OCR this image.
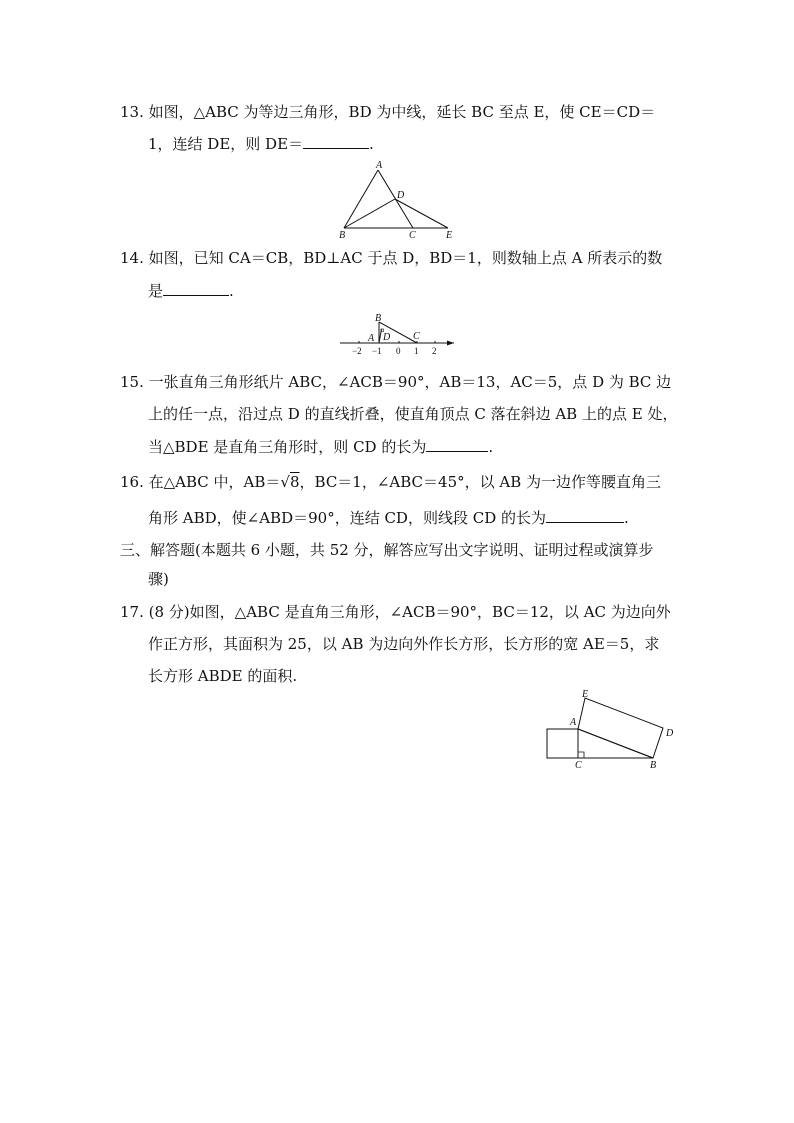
13. 如图，△ABC 为等边三角形，BD 为中线，延长 BC 至点 E，使 CE＝CD＝
1，连结 DE，则 DE＝	.
A
B	C
D
E
14. 如图，已知 CA＝CB，BD⊥AC 于点 D，BD＝1，则数轴上点 A 所表示的数
是	.
B
A D C
−2 −1 0 1 2
15. 一张直角三角形纸片 ABC，∠ACB＝90°，AB＝13，AC＝5，点 D 为 BC 边
上的任一点，沿过点 D 的直线折叠，使直角顶点 C 落在斜边 AB 上的点 E 处，
当△BDE 是直角三角形时，则 CD 的长为	.
16. 在△ABC 中，AB＝√8，BC＝1，∠ABC＝45°，以 AB 为一边作等腰直角三
角形 ABD，使∠ABD＝90°，连结 CD，则线段 CD 的长为	.
三、解答题(本题共 6 小题，共 52 分，解答应写出文字说明、证明过程或演算步
骤)
17. (8 分)如图，△ABC 是直角三角形，∠ACB＝90°，BC＝12，以 AC 为边向外
作正方形，其面积为 25，以 AB 为边向外作长方形，长方形的宽 AE＝5，求
长方形 ABDE 的面积.
E
A
D
C	B
